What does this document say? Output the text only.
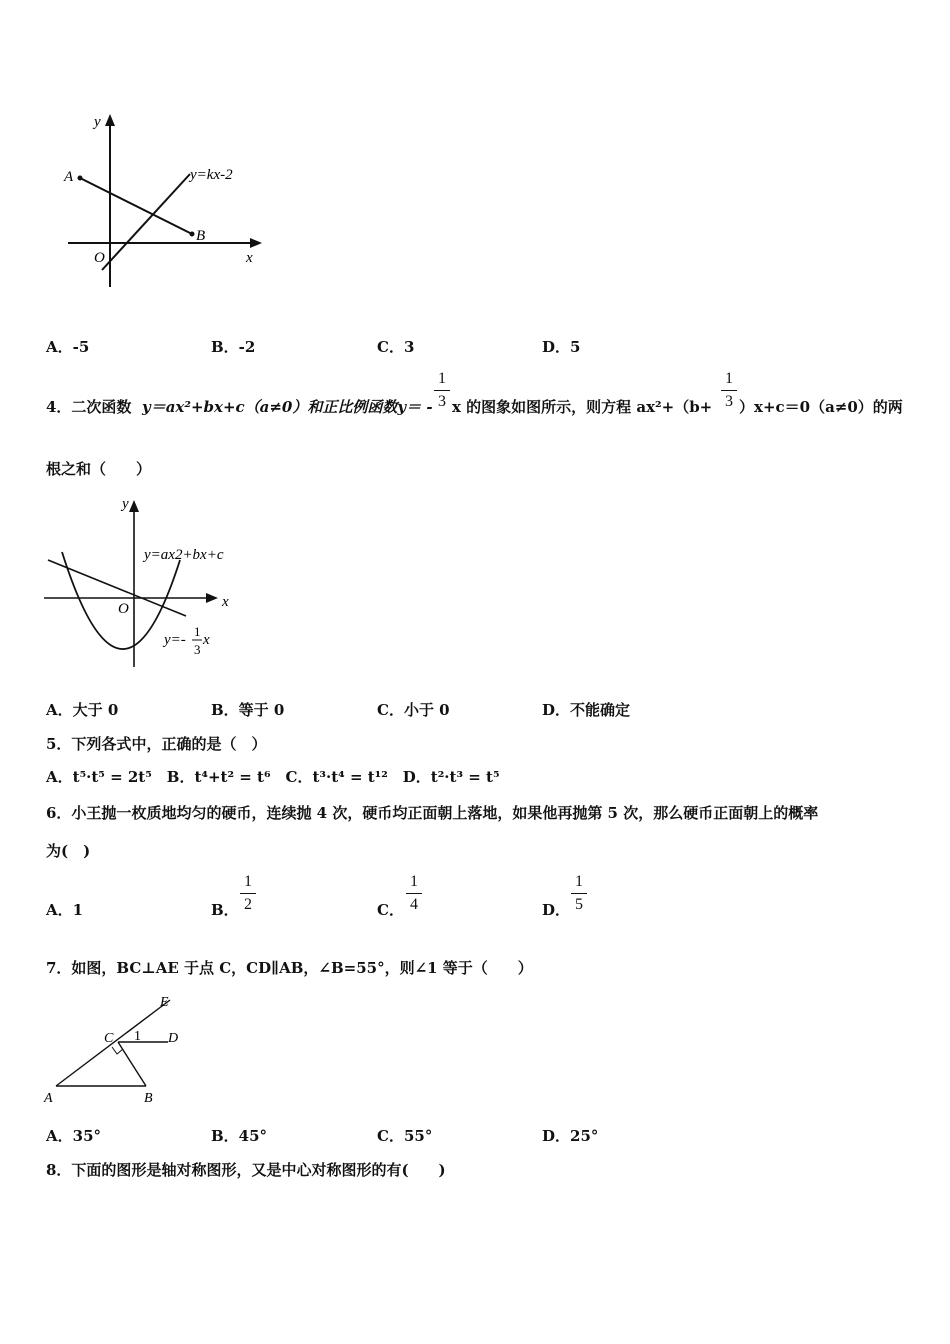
y
x
O
A
B
y=kx-2
A．-5	B．-2	C．3	D．5
4．二次函数 y＝ax²+bx+c（a≠0）和正比例函数y＝ -
1
3 x 的图象如图所示，则方程 ax²+（b+
1
3 ）x+c＝0（a≠0）的两
根之和（　　）
y
x
O
y=ax2+bx+c
y=-
1
3
x
A．大于 0	B．等于 0	C．小于 0	D．不能确定
5．下列各式中，正确的是（　）
A．t⁵·t⁵ = 2t⁵　B．t⁴+t² = t⁶　C．t³·t⁴ = t¹²　D．t²·t³ = t⁵
6．小王抛一枚质地均匀的硬币，连续抛 4 次，硬币均正面朝上落地，如果他再抛第 5 次，那么硬币正面朝上的概率
为(　)
A．1	B．
1
2	C．
1
4	D．
1
5
7．如图，BC⊥AE 于点 C，CD∥AB，∠B=55°，则∠1 等于（　　）
E
C 1 D
A	B
A．35°	B．45°	C．55°	D．25°
8．下面的图形是轴对称图形，又是中心对称图形的有(　　)
